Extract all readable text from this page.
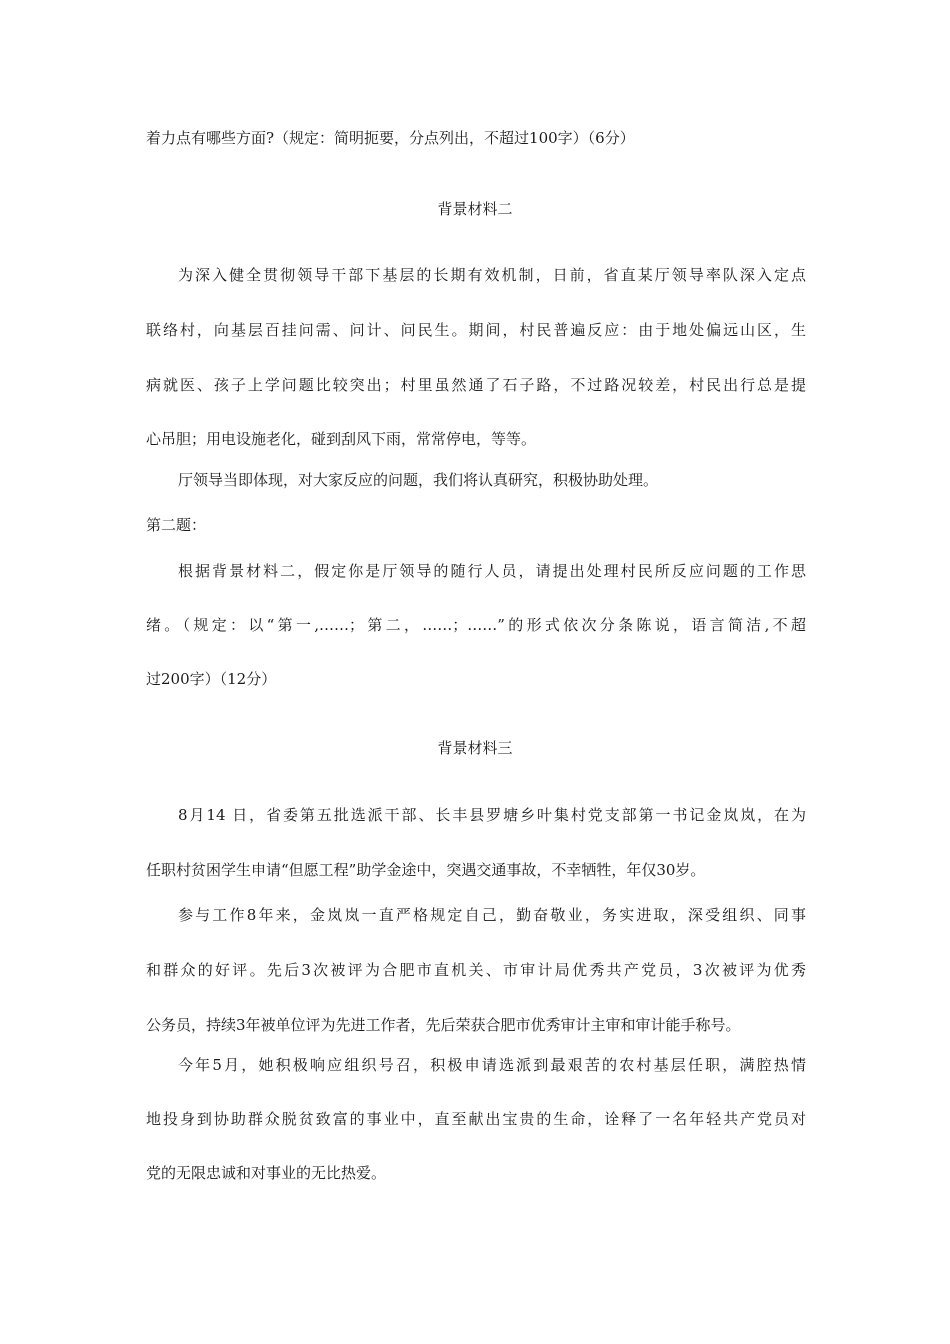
着力点有哪些方面?（规定：简明扼要，分点列出，不超过100字）（6分）
背景材料二
为深入健全贯彻领导干部下基层的长期有效机制，日前，省直某厅领导率队深入定点
联络村，向基层百挂问需、问计、问民生。期间，村民普遍反应：由于地处偏远山区，生
病就医、孩子上学问题比较突出；村里虽然通了石子路，不过路况较差，村民出行总是提
心吊胆；用电设施老化，碰到刮风下雨，常常停电，等等。
厅领导当即体现，对大家反应的问题，我们将认真研究，积极协助处理。
第二题：
根据背景材料二，假定你是厅领导的随行人员，请提出处理村民所反应问题的工作思
绪。（规定：以“第一,……；第二，……；……”的形式依次分条陈说，语言简洁,不超
过200字）（12分）
背景材料三
8月14 日，省委第五批选派干部、长丰县罗塘乡叶集村党支部第一书记金岚岚，在为
任职村贫困学生申请“但愿工程”助学金途中，突遇交通事故，不幸牺牲，年仅30岁。
参与工作8年来，金岚岚一直严格规定自己，勤奋敬业，务实进取，深受组织、同事
和群众的好评。先后3次被评为合肥市直机关、市审计局优秀共产党员，3次被评为优秀
公务员，持续3年被单位评为先进工作者，先后荣获合肥市优秀审计主审和审计能手称号。
今年5月，她积极响应组织号召，积极申请选派到最艰苦的农村基层任职，满腔热情
地投身到协助群众脱贫致富的事业中，直至献出宝贵的生命，诠释了一名年轻共产党员对
党的无限忠诚和对事业的无比热爱。
